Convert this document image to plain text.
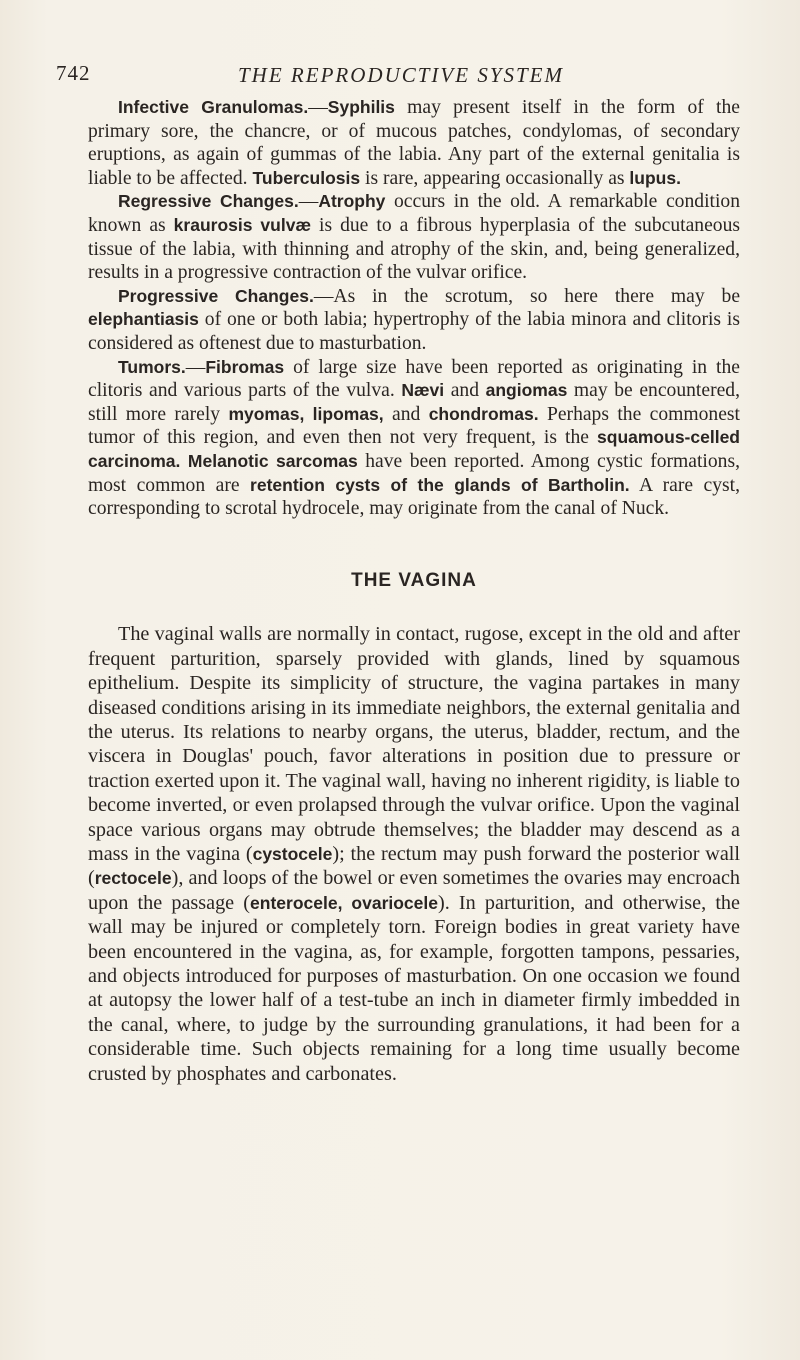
742	THE REPRODUCTIVE SYSTEM

Infective Granulomas.—Syphilis may present itself in the form of the primary sore, the chancre, or of mucous patches, condylomas, of secondary eruptions, as again of gummas of the labia. Any part of the external genitalia is liable to be affected. Tuberculosis is rare, appearing occasionally as lupus.

Regressive Changes.—Atrophy occurs in the old. A remarkable condition known as kraurosis vulvæ is due to a fibrous hyperplasia of the subcutaneous tissue of the labia, with thinning and atrophy of the skin, and, being generalized, results in a progressive contraction of the vulvar orifice.

Progressive Changes.—As in the scrotum, so here there may be elephantiasis of one or both labia; hypertrophy of the labia minora and clitoris is considered as oftenest due to masturbation.

Tumors.—Fibromas of large size have been reported as originating in the clitoris and various parts of the vulva. Nævi and angiomas may be encountered, still more rarely myomas, lipomas, and chondromas. Perhaps the commonest tumor of this region, and even then not very frequent, is the squamous-celled carcinoma. Melanotic sarcomas have been reported. Among cystic formations, most common are retention cysts of the glands of Bartholin. A rare cyst, corresponding to scrotal hydrocele, may originate from the canal of Nuck.

THE VAGINA

The vaginal walls are normally in contact, rugose, except in the old and after frequent parturition, sparsely provided with glands, lined by squamous epithelium. Despite its simplicity of structure, the vagina partakes in many diseased conditions arising in its immediate neighbors, the external genitalia and the uterus. Its relations to nearby organs, the uterus, bladder, rectum, and the viscera in Douglas' pouch, favor alterations in position due to pressure or traction exerted upon it. The vaginal wall, having no inherent rigidity, is liable to become inverted, or even prolapsed through the vulvar orifice. Upon the vaginal space various organs may obtrude themselves; the bladder may descend as a mass in the vagina (cystocele); the rectum may push forward the posterior wall (rectocele), and loops of the bowel or even sometimes the ovaries may encroach upon the passage (enterocele, ovariocele). In parturition, and otherwise, the wall may be injured or completely torn. Foreign bodies in great variety have been encountered in the vagina, as, for example, forgotten tampons, pessaries, and objects introduced for purposes of masturbation. On one occasion we found at autopsy the lower half of a test-tube an inch in diameter firmly imbedded in the canal, where, to judge by the surrounding granulations, it had been for a considerable time. Such objects remaining for a long time usually become crusted by phosphates and carbonates.
